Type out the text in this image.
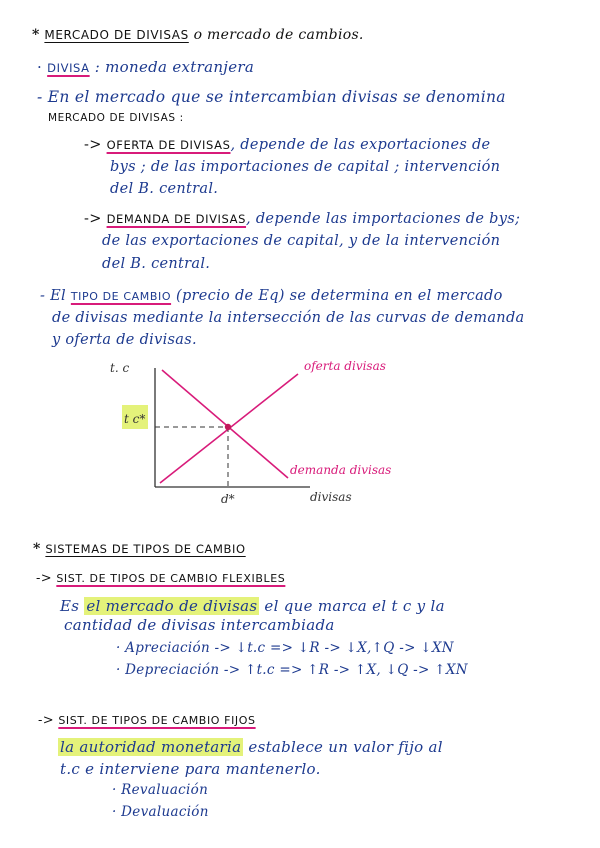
* MERCADO DE DIVISAS o mercado de cambios.
· DIVISA : moneda extranjera
- En el mercado que se intercambian divisas se denomina
MERCADO DE DIVISAS :
-> OFERTA DE DIVISAS, depende de las exportaciones de
bys ; de las importaciones de capital ; intervención
del B. central.
-> DEMANDA DE DIVISAS, depende las importaciones de bys;
de las exportaciones de capital, y de la intervención
del B. central.
- El TIPO DE CAMBIO (precio de Eq) se determina en el mercado
de divisas mediante la intersección de las curvas de demanda
y oferta de divisas.
t. c
t c*
d*	divisas
oferta divisas
demanda divisas
* SISTEMAS DE TIPOS DE CAMBIO
-> SIST. DE TIPOS DE CAMBIO FLEXIBLES
Es el mercado de divisas el que marca el t c y la
cantidad de divisas intercambiada
· Apreciación -> ↓t.c => ↓R -> ↓X,↑Q -> ↓XN
· Depreciación -> ↑t.c => ↑R -> ↑X, ↓Q -> ↑XN
-> SIST. DE TIPOS DE CAMBIO FIJOS
la autoridad monetaria establece un valor fijo al
t.c e interviene para mantenerlo.
· Revaluación
· Devaluación
